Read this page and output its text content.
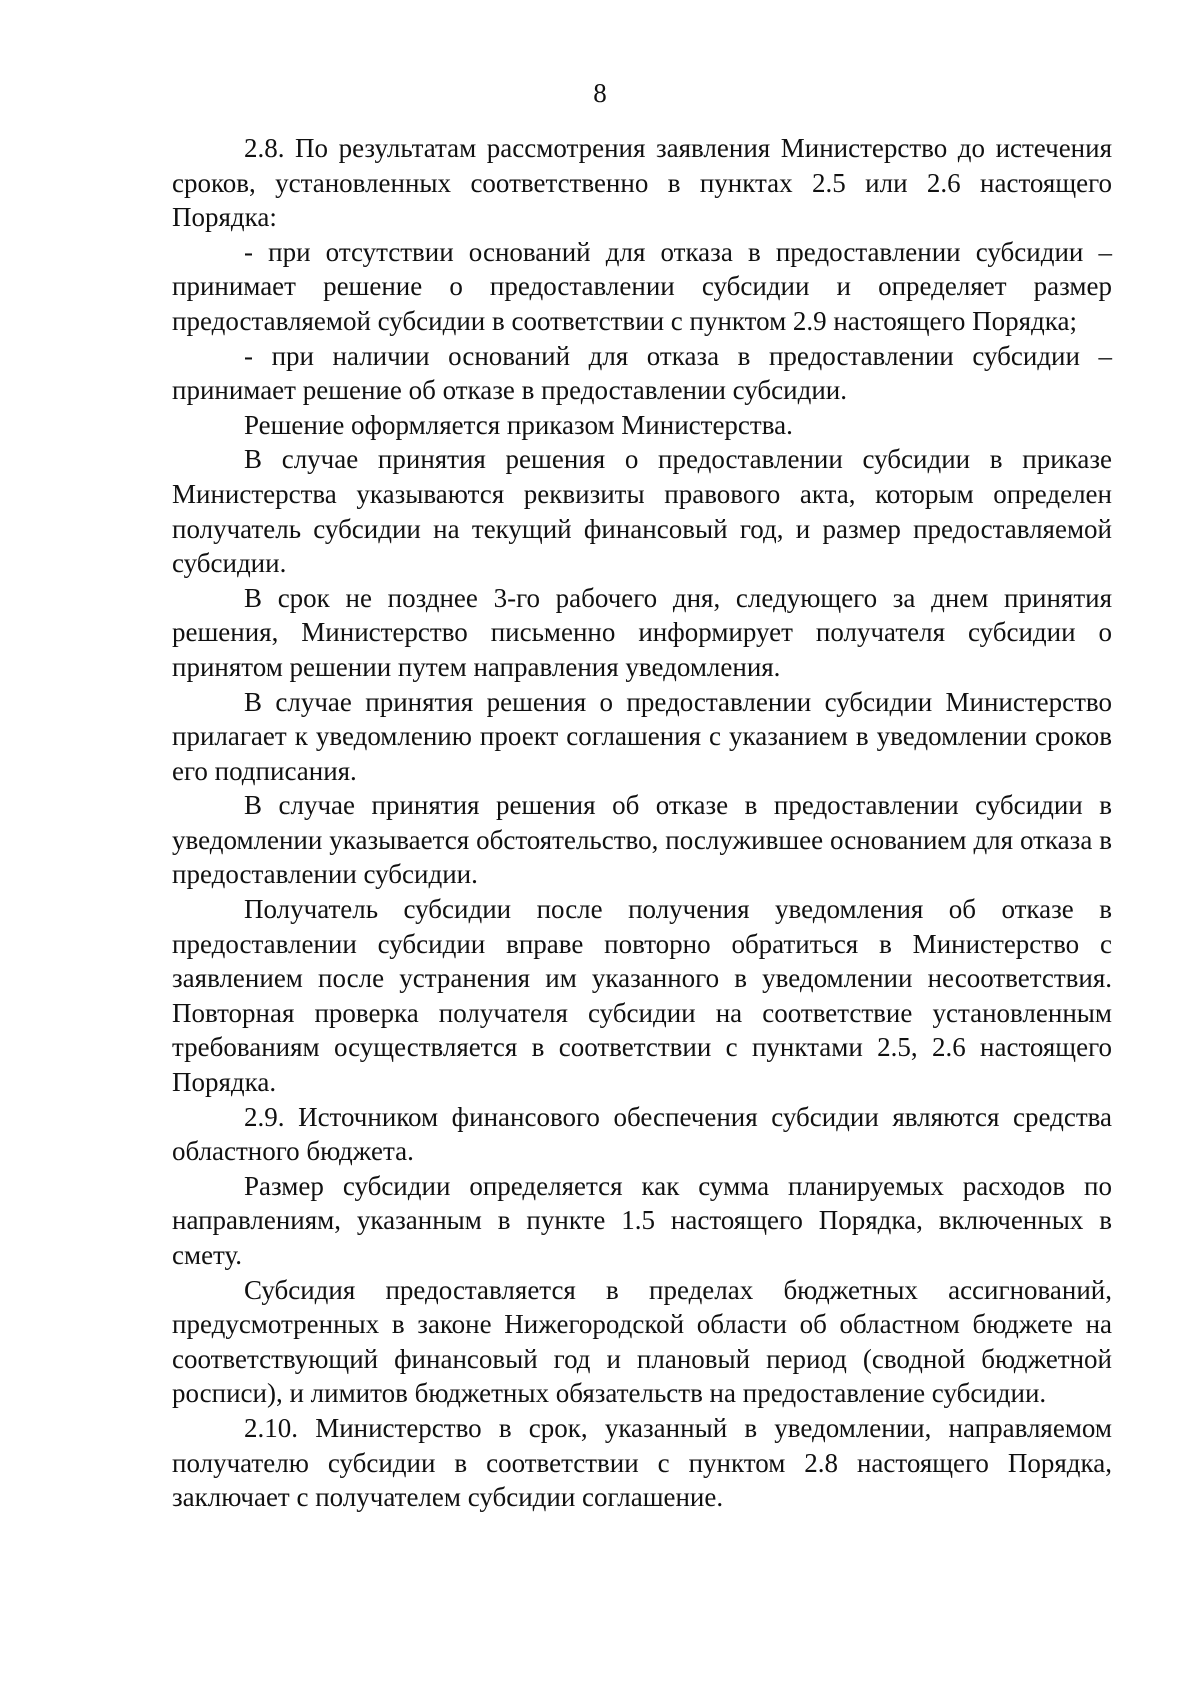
8

2.8. По результатам рассмотрения заявления Министерство до истечения сроков, установленных соответственно в пунктах 2.5 или 2.6 настоящего Порядка:

- при отсутствии оснований для отказа в предоставлении субсидии – принимает решение о предоставлении субсидии и определяет размер предоставляемой субсидии в соответствии с пунктом 2.9 настоящего Порядка;

- при наличии оснований для отказа в предоставлении субсидии – принимает решение об отказе в предоставлении субсидии.

Решение оформляется приказом Министерства.

В случае принятия решения о предоставлении субсидии в приказе Министерства указываются реквизиты правового акта, которым определен получатель субсидии на текущий финансовый год, и размер предоставляемой субсидии.

В срок не позднее 3-го рабочего дня, следующего за днем принятия решения, Министерство письменно информирует получателя субсидии о принятом решении путем направления уведомления.

В случае принятия решения о предоставлении субсидии Министерство прилагает к уведомлению проект соглашения с указанием в уведомлении сроков его подписания.

В случае принятия решения об отказе в предоставлении субсидии в уведомлении указывается обстоятельство, послужившее основанием для отказа в предоставлении субсидии.

Получатель субсидии после получения уведомления об отказе в предоставлении субсидии вправе повторно обратиться в Министерство с заявлением после устранения им указанного в уведомлении несоответствия. Повторная проверка получателя субсидии на соответствие установленным требованиям осуществляется в соответствии с пунктами 2.5, 2.6 настоящего Порядка.

2.9. Источником финансового обеспечения субсидии являются средства областного бюджета.

Размер субсидии определяется как сумма планируемых расходов по направлениям, указанным в пункте 1.5 настоящего Порядка, включенных в смету.

Субсидия предоставляется в пределах бюджетных ассигнований, предусмотренных в законе Нижегородской области об областном бюджете на соответствующий финансовый год и плановый период (сводной бюджетной росписи), и лимитов бюджетных обязательств на предоставление субсидии.

2.10. Министерство в срок, указанный в уведомлении, направляемом получателю субсидии в соответствии с пунктом 2.8 настоящего Порядка, заключает с получателем субсидии соглашение.
